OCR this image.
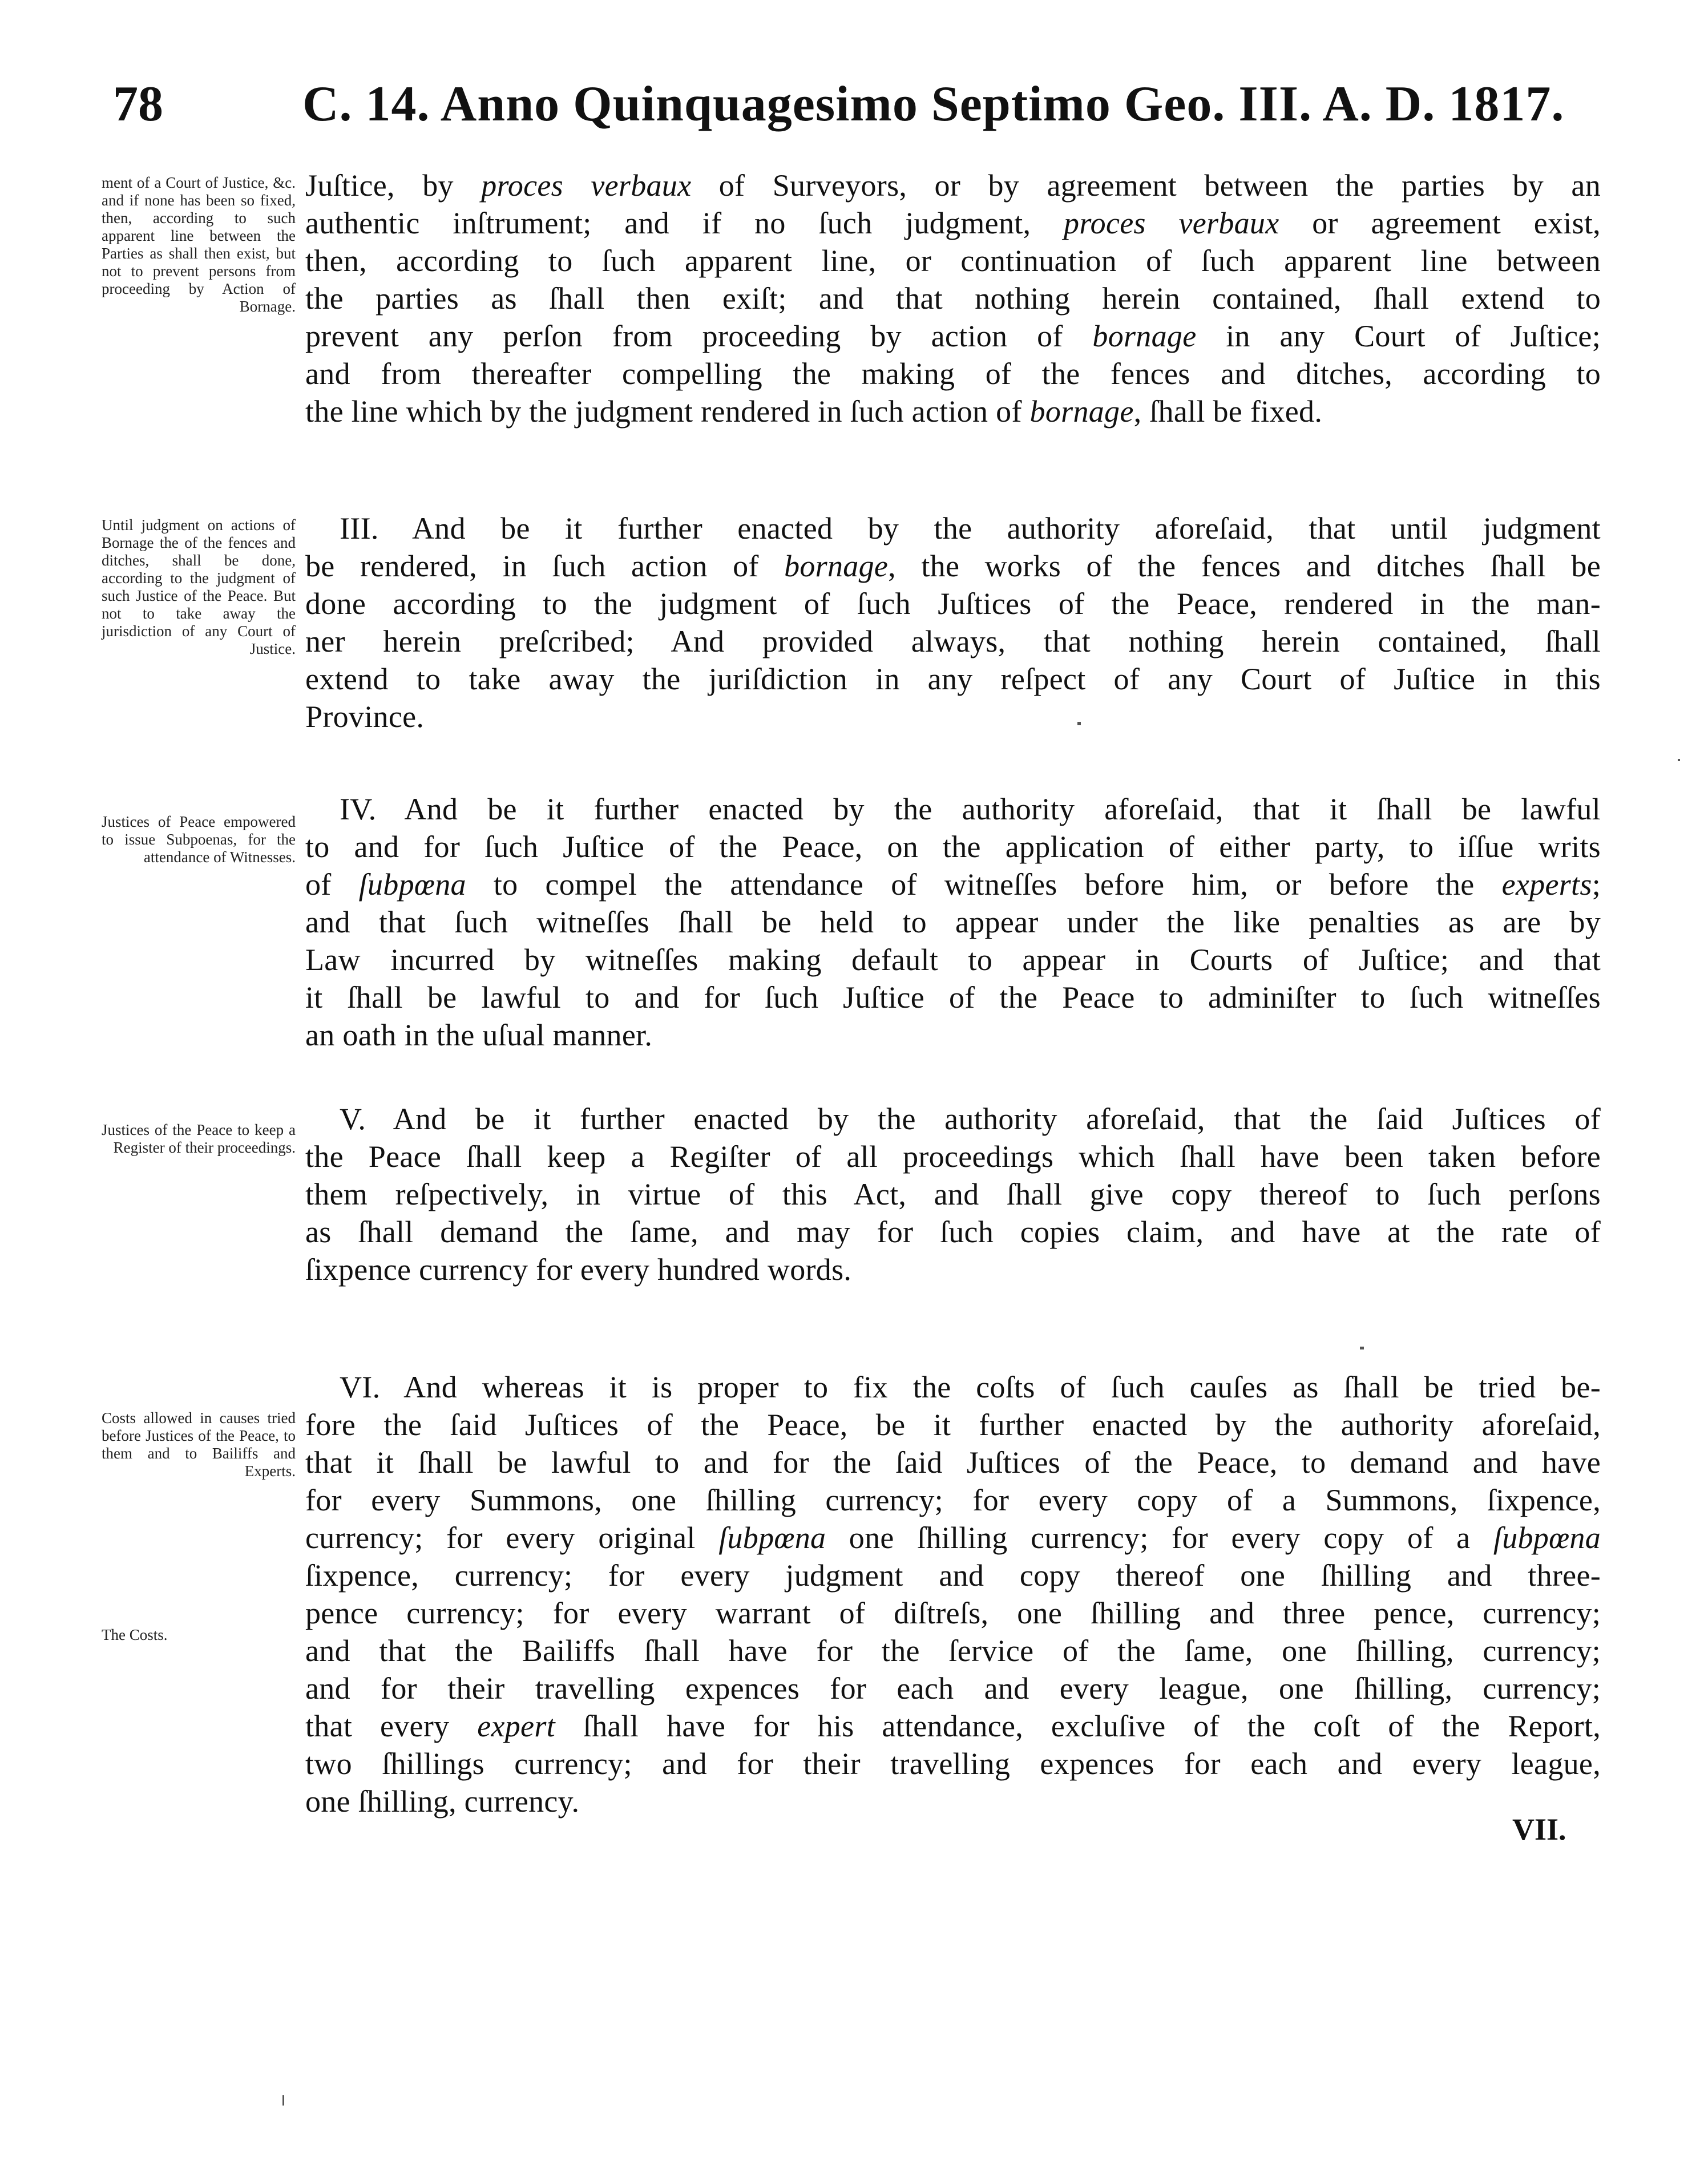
78	C. 14. Anno Quinquagesimo Septimo Geo. III. A. D. 1817.
ment of a Court of Justice, &c. and if none has been so fixed, then, according to such apparent line between the Parties as shall then exist, but not to prevent persons from proceeding by Action of Bornage.
Until judgment on actions of Bornage the of the fences and ditches, shall be done, according to the judgment of such Justice of the Peace. But not to take away the jurisdiction of any Court of Justice.
Justices of Peace empowered to issue Subpoenas, for the attendance of Witnesses.
Justices of the Peace to keep a Register of their proceedings.
Costs allowed in causes tried before Justices of the Peace, to them and to Bailiffs and Experts.
The Costs.
Juſtice, by proces verbaux of Surveyors, or by agreement between the parties by an
authentic inſtrument; and if no ſuch judgment, proces verbaux or agreement exist,
then, according to ſuch apparent line, or continuation of ſuch apparent line between
the parties as ſhall then exiſt; and that nothing herein contained, ſhall extend to
prevent any perſon from proceeding by action of bornage in any Court of Juſtice;
and from thereafter compelling the making of the fences and ditches, according to
the line which by the judgment rendered in ſuch action of bornage, ſhall be fixed.
III. And be it further enacted by the authority aforeſaid, that until judgment
be rendered, in ſuch action of bornage, the works of the fences and ditches ſhall be
done according to the judgment of ſuch Juſtices of the Peace, rendered in the man-
ner herein preſcribed; And provided always, that nothing herein contained, ſhall
extend to take away the juriſdiction in any reſpect of any Court of Juſtice in this
Province.
IV. And be it further enacted by the authority aforeſaid, that it ſhall be lawful
to and for ſuch Juſtice of the Peace, on the application of either party, to iſſue writs
of ſubpœna to compel the attendance of witneſſes before him, or before the experts;
and that ſuch witneſſes ſhall be held to appear under the like penalties as are by
Law incurred by witneſſes making default to appear in Courts of Juſtice; and that
it ſhall be lawful to and for ſuch Juſtice of the Peace to adminiſter to ſuch witneſſes
an oath in the uſual manner.
V. And be it further enacted by the authority aforeſaid, that the ſaid Juſtices of
the Peace ſhall keep a Regiſter of all proceedings which ſhall have been taken before
them reſpectively, in virtue of this Act, and ſhall give copy thereof to ſuch perſons
as ſhall demand the ſame, and may for ſuch copies claim, and have at the rate of
ſixpence currency for every hundred words.
VI. And whereas it is proper to fix the coſts of ſuch cauſes as ſhall be tried be-
fore the ſaid Juſtices of the Peace, be it further enacted by the authority aforeſaid,
that it ſhall be lawful to and for the ſaid Juſtices of the Peace, to demand and have
for every Summons, one ſhilling currency; for every copy of a Summons, ſixpence,
currency; for every original ſubpœna one ſhilling currency; for every copy of a ſubpœna
ſixpence, currency; for every judgment and copy thereof one ſhilling and three-
pence currency; for every warrant of diſtreſs, one ſhilling and three pence, currency;
and that the Bailiffs ſhall have for the ſervice of the ſame, one ſhilling, currency;
and for their travelling expences for each and every league, one ſhilling, currency;
that every expert ſhall have for his attendance, excluſive of the coſt of the Report,
two ſhillings currency; and for their travelling expences for each and every league,
one ſhilling, currency.
VII.
